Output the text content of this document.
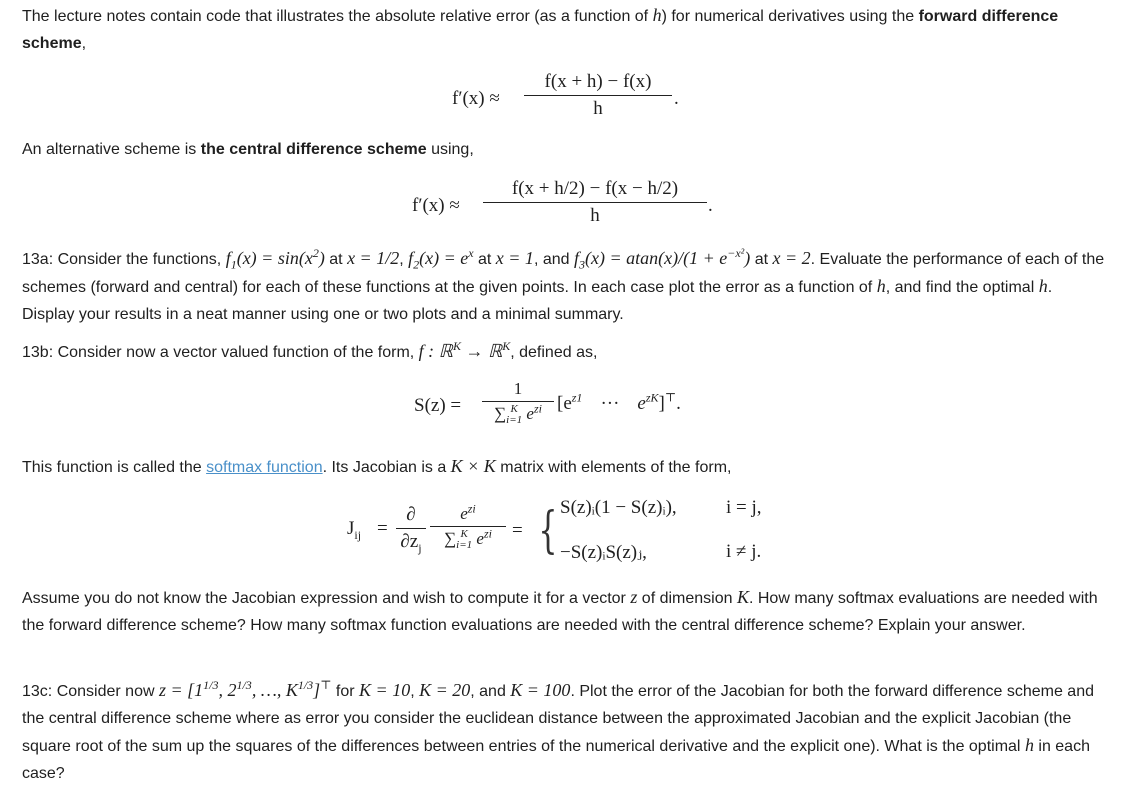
The lecture notes contain code that illustrates the absolute relative error (as a function of h) for numerical derivatives using the forward difference scheme,

f′(x) ≈
f(x + h) − f(x)
h	.

An alternative scheme is the central difference scheme using,

f′(x) ≈
f(x + h/2) − f(x − h/2)
h	.

13a: Consider the functions, $f_1(x) = \sin(x^2)$ at x = 1/2, $f_2(x) = e^x$ at x = 1, and $f_3(x) = atan(x)/(1 + e^{-x^2})$ at x = 2. Evaluate the performance of each of the schemes (forward and central) for each of these functions at the given points. In each case plot the error as a function of h, and find the optimal h. Display your results in a neat manner using one or two plots and a minimal summary.

13b: Consider now a vector valued function of the form, f : ℝ$^K$ → ℝ$^K$, defined as,

S(z) =
1
∑ K
i=1 $e^{zi}$ [$e^{z1}$ ··· $e^{zK}]^⊤$.

This function is called the softmax function. Its Jacobian is a K × K matrix with elements of the form,

$J_{ij}$ =
∂
$\partial z_j$
$e^{zi}$
∑ K
i=1 $e^{zi}$	= { S(z)ᵢ(1 − S(z)ᵢ),	i = j,
−S(z)ᵢS(z)ⱼ,	i ≠ j.

Assume you do not know the Jacobian expression and wish to compute it for a vector z of dimension K. How many softmax evaluations are needed with the forward difference scheme? How many softmax function evaluations are needed with the central difference scheme? Explain your answer.

13c: Consider now $z = [1^{1/3}$, $2^{1/3}$, …, $K^{1/3}]^⊤$ for K = 10, K = 20, and K = 100. Plot the error of the Jacobian for both the forward difference scheme and the central difference scheme where as error you consider the euclidean distance between the approximated Jacobian and the explicit Jacobian (the square root of the sum up the squares of the differences between entries of the numerical derivative and the explicit one). What is the optimal h in each case?
